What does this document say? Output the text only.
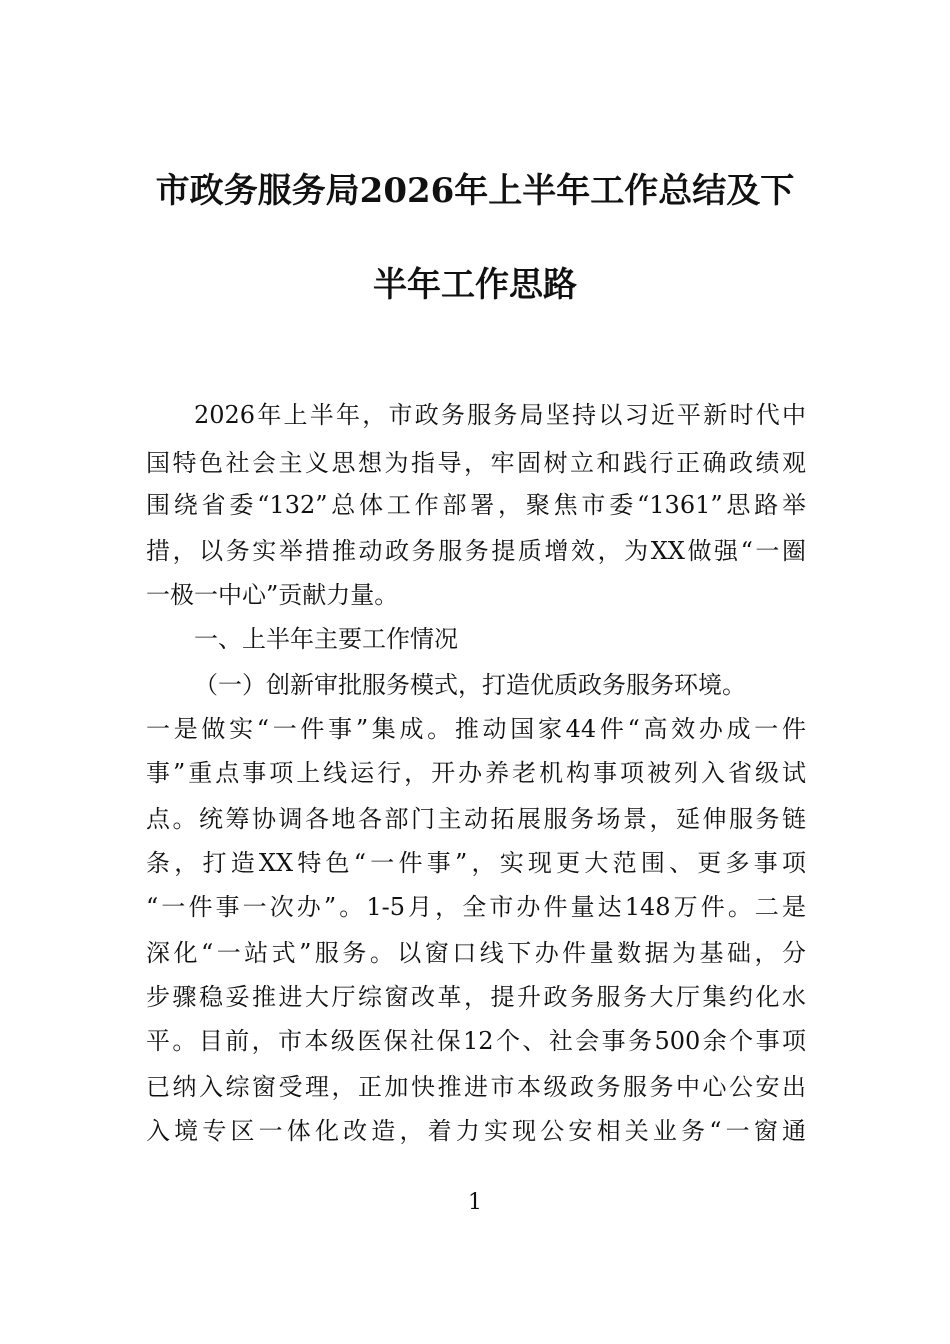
市政务服务局2026年上半年工作总结及下
半年工作思路
2026年上半年，市政务服务局坚持以习近平新时代中
国特色社会主义思想为指导，牢固树立和践行正确政绩观
围绕省委“132”总体工作部署，聚焦市委“1361”思路举
措，以务实举措推动政务服务提质增效，为XX做强“一圈
一极一中心”贡献力量。
一、上半年主要工作情况
（一）创新审批服务模式，打造优质政务服务环境。
一是做实“一件事”集成。推动国家44件“高效办成一件
事”重点事项上线运行，开办养老机构事项被列入省级试
点。统筹协调各地各部门主动拓展服务场景，延伸服务链
条，打造XX特色“一件事”，实现更大范围、更多事项
“一件事一次办”。1-5月，全市办件量达148万件。二是
深化“一站式”服务。以窗口线下办件量数据为基础，分
步骤稳妥推进大厅综窗改革，提升政务服务大厅集约化水
平。目前，市本级医保社保12个、社会事务500余个事项
已纳入综窗受理，正加快推进市本级政务服务中心公安出
入境专区一体化改造，着力实现公安相关业务“一窗通
1
